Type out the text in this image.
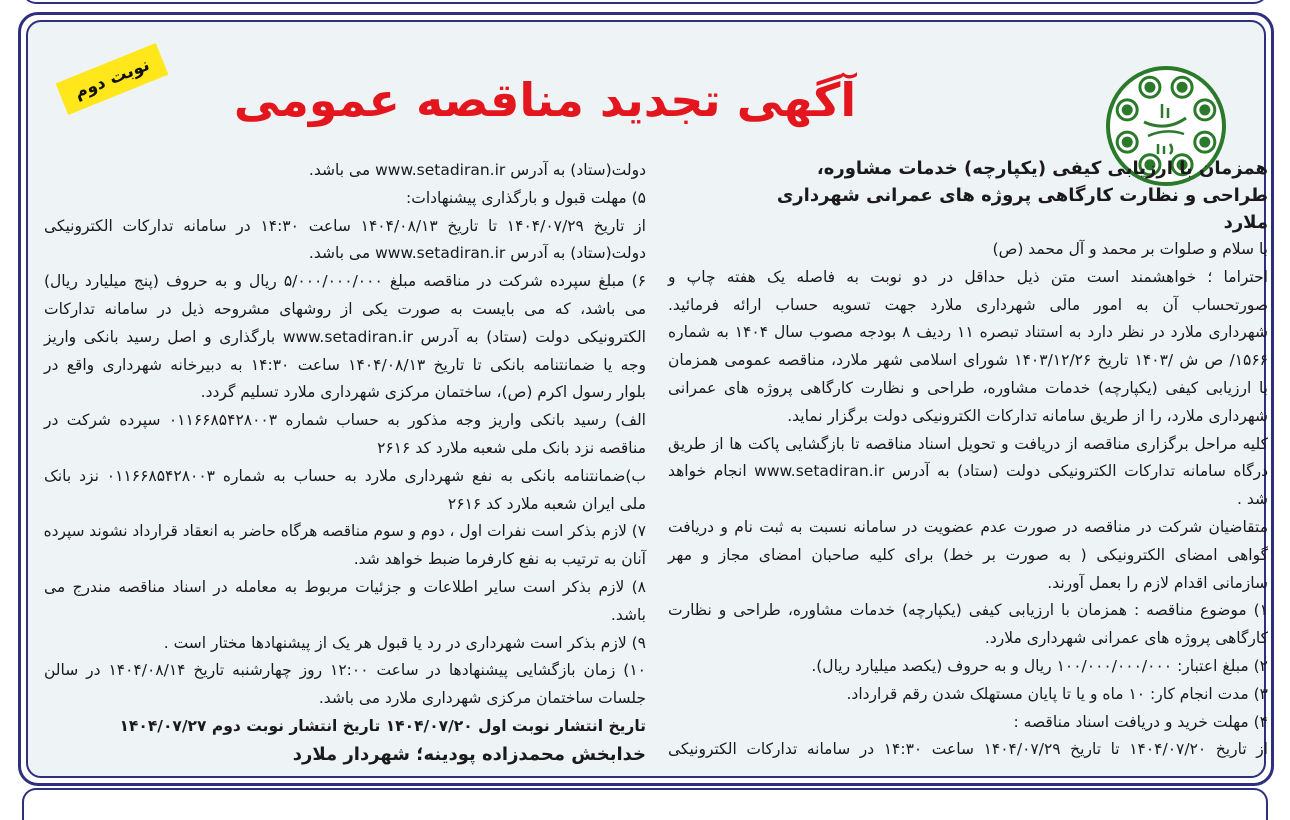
نوبت دوم آگهی تجدید مناقصه عمومی
همزمان با ارزیابی کیفی (یکپارچه) خدمات مشاوره،
طراحی و نظارت کارگاهی پروژه های عمرانی شهرداری
ملارد
با سلام و صلوات بر محمد و آل محمد (ص)
احتراما ؛ خواهشمند است متن ذیل حداقل در دو نوبت به فاصله یک هفته چاپ و
صورتحساب آن به امور مالی شهرداری ملارد جهت تسویه حساب ارائه فرمائید.
شهرداری ملارد در نظر دارد به استناد تبصره ۱۱ ردیف ۸ بودجه مصوب سال ۱۴۰۴ به شماره
۱۵۶۶/ ص ش /۱۴۰۳ تاریخ ۱۴۰۳/۱۲/۲۶ شورای اسلامی شهر ملارد، مناقصه عمومی همزمان
با ارزیابی کیفی (یکپارچه) خدمات مشاوره، طراحی و نظارت کارگاهی پروژه های عمرانی
شهرداری ملارد، را از طریق سامانه تدارکات الکترونیکی دولت برگزار نماید.
کلیه مراحل برگزاری مناقصه از دریافت و تحویل اسناد مناقصه تا بازگشایی پاکت ها از طریق
درگاه سامانه تدارکات الکترونیکی دولت (ستاد) به آدرس www.setadiran.ir انجام خواهد
شد .
متقاضیان شرکت در مناقصه در صورت عدم عضویت در سامانه نسبت به ثبت نام و دریافت
گواهی امضای الکترونیکی ( به صورت بر خط) برای کلیه صاحبان امضای مجاز و مهر
سازمانی اقدام لازم را بعمل آورند.
۱) موضوع مناقصه : همزمان با ارزیابی کیفی (یکپارچه) خدمات مشاوره، طراحی و نظارت
کارگاهی پروژه های عمرانی شهرداری ملارد.
۲) مبلغ اعتبار: ۱۰۰/۰۰۰/۰۰۰/۰۰۰ ریال و به حروف (یکصد میلیارد ریال).
۳) مدت انجام کار: ۱۰ ماه و یا تا پایان مستهلک شدن رقم قرارداد.
۴) مهلت خرید و دریافت اسناد مناقصه :
از تاریخ ۱۴۰۴/۰۷/۲۰ تا تاریخ ۱۴۰۴/۰۷/۲۹ ساعت ۱۴:۳۰ در سامانه تدارکات الکترونیکی
دولت(ستاد) به آدرس www.setadiran.ir می باشد.
۵) مهلت قبول و بارگذاری پیشنهادات:
از تاریخ ۱۴۰۴/۰۷/۲۹ تا تاریخ ۱۴۰۴/۰۸/۱۳ ساعت ۱۴:۳۰ در سامانه تدارکات الکترونیکی
دولت(ستاد) به آدرس www.setadiran.ir می باشد.
۶) مبلغ سپرده شرکت در مناقصه مبلغ ۵/۰۰۰/۰۰۰/۰۰۰ ریال و به حروف (پنج میلیارد ریال)
می باشد، که می بایست به صورت یکی از روشهای مشروحه ذیل در سامانه تدارکات
الکترونیکی دولت (ستاد) به آدرس www.setadiran.ir بارگذاری و اصل رسید بانکی واریز
وجه یا ضمانتنامه بانکی تا تاریخ ۱۴۰۴/۰۸/۱۳ ساعت ۱۴:۳۰ به دبیرخانه شهرداری واقع در
بلوار رسول اکرم (ص)، ساختمان مرکزی شهرداری ملارد تسلیم گردد.
الف) رسید بانکی واریز وجه مذکور به حساب شماره ۰۱۱۶۶۸۵۴۲۸۰۰۳ سپرده شرکت در
مناقصه نزد بانک ملی شعبه ملارد کد ۲۶۱۶
ب)ضمانتنامه بانکی به نفع شهرداری ملارد به حساب به شماره ۰۱۱۶۶۸۵۴۲۸۰۰۳ نزد بانک
ملی ایران شعبه ملارد کد ۲۶۱۶
۷) لازم بذکر است نفرات اول ، دوم و سوم مناقصه هرگاه حاضر به انعقاد قرارداد نشوند سپرده
آنان به ترتیب به نفع کارفرما ضبط خواهد شد.
۸) لازم بذکر است سایر اطلاعات و جزئیات مربوط به معامله در اسناد مناقصه مندرج می
باشد.
۹) لازم بذکر است شهرداری در رد یا قبول هر یک از پیشنهادها مختار است .
۱۰) زمان بازگشایی پیشنهادها در ساعت ۱۲:۰۰ روز چهارشنبه تاریخ ۱۴۰۴/۰۸/۱۴ در سالن
جلسات ساختمان مرکزی شهرداری ملارد می باشد.
تاریخ انتشار نوبت اول ۱۴۰۴/۰۷/۲۰ تاریخ انتشار نوبت دوم ۱۴۰۴/۰۷/۲۷
خدابخش محمدزاده پودینه؛ شهردار ملارد
